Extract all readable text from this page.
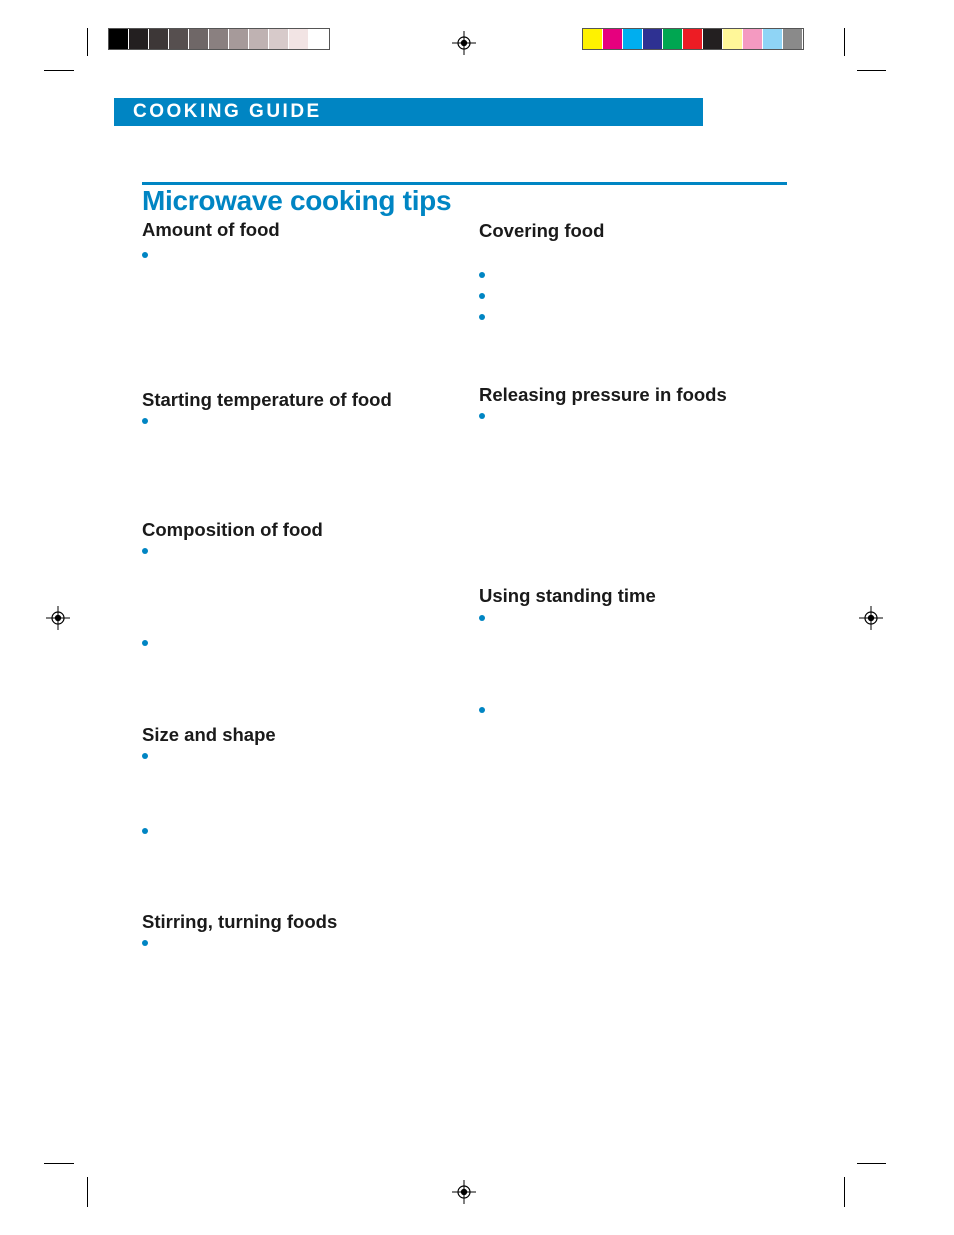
COOKING GUIDE
Microwave cooking tips
Amount of food
Starting temperature of food
Composition of food
Size and shape
Stirring, turning foods
Covering food
Releasing pressure in foods
Using standing time
